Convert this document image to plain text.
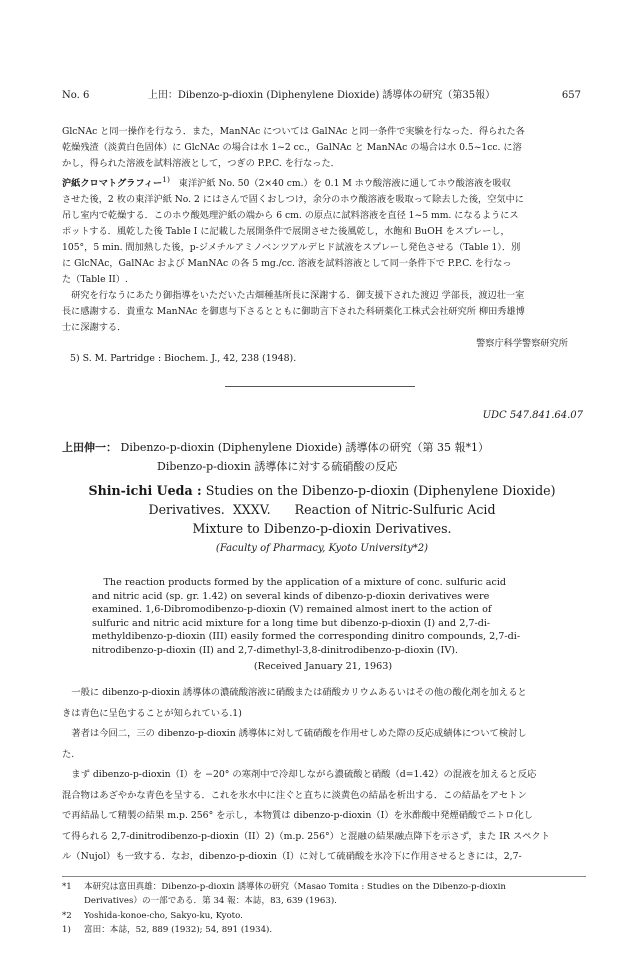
No. 6	上田：Dibenzo-p-dioxin (Diphenylene Dioxide) 誘導体の研究（第35報）	657

GlcNAc と同一操作を行なう．また，ManNAc については GalNAc と同一条件で実験を行なった．得られた各

乾燥残渣（淡黄白色固体）に GlcNAc の場合は水 1~2 cc.，GalNAc と ManNAc の場合は水 0.5~1cc. に溶

かし，得られた溶液を試料溶液として，つぎの P.P.C. を行なった．

沪紙クロマトグラフィー$^{1)}$ 東洋沪紙 No. 50（2×40 cm.）を 0.1 M ホウ酸溶液に通してホウ酸溶液を吸収

させた後，2 枚の東洋沪紙 No. 2 にはさんで固くおしつけ，余分のホウ酸溶液を吸取って除去した後，空気中に

吊し室内で乾燥する．このホウ酸処理沪紙の端から 6 cm. の原点に試料溶液を直径 1~5 mm. になるようにス

ポットする．風乾した後 Table I に記載した展開条件で展開させた後風乾し，水飽和 BuOH をスプレーし，

105°，5 min. 間加熱した後，p-ジメチルアミノベンツアルデヒド試液をスプレーし発色させる（Table 1）．別

に GlcNAc，GalNAc および ManNAc の各 5 mg./cc. 溶液を試料溶液として同一条件下で P.P.C. を行なっ

た（Table II）.

研究を行なうにあたり御指導をいただいた古畑種基所長に深謝する．御支援下された渡辺 学部長，渡辺壮一室

長に感謝する．貴重な ManNAc を御恵与下さるとともに御助言下された科研薬化工株式会社研究所 柳田秀雄博

士に深謝する．

警察庁科学警察研究所

5) S. M. Partridge : Biochem. J., 42, 238 (1948).

UDC 547.841.64.07
上田伸一： Dibenzo-p-dioxin (Diphenylene Dioxide) 誘導体の研究（第 35 報*1）
Dibenzo-p-dioxin 誘導体に対する硫硝酸の反応
Shin-ichi Ueda : Studies on the Dibenzo-p-dioxin (Diphenylene Dioxide)
Derivatives.  XXXV.      Reaction of Nitric-Sulfuric Acid
Mixture to Dibenzo-p-dioxin Derivatives.
(Faculty of Pharmacy, Kyoto University*2)
The reaction products formed by the application of a mixture of conc. sulfuric acid
and nitric acid (sp. gr. 1.42) on several kinds of dibenzo-p-dioxin derivatives were
examined. 1,6-Dibromodibenzo-p-dioxin (V) remained almost inert to the action of
sulfuric and nitric acid mixture for a long time but dibenzo-p-dioxin (I) and 2,7-di-
methyldibenzo-p-dioxin (III) easily formed the corresponding dinitro compounds, 2,7-di-
nitrodibenzo-p-dioxin (II) and 2,7-dimethyl-3,8-dinitrodibenzo-p-dioxin (IV).
(Received January 21, 1963)

一般に dibenzo-p-dioxin 誘導体の濃硫酸溶液に硝酸または硝酸カリウムあるいはその他の酸化剤を加えると

きは青色に呈色することが知られている.1)

著者は今回二，三の dibenzo-p-dioxin 誘導体に対して硫硝酸を作用せしめた際の反応成績体について検討し

た.

まず dibenzo-p-dioxin（I）を −20° の寒剤中で冷却しながら濃硫酸と硝酸（d=1.42）の混液を加えると反応

混合物はあざやかな青色を呈する．これを氷水中に注ぐと直ちに淡黄色の結晶を析出する．この結晶をアセトン

で再結晶して精製の結果 m.p. 256° を示し，本物質は dibenzo-p-dioxin（I）を氷酢酸中発煙硝酸でニトロ化し

て得られる 2,7-dinitrodibenzo-p-dioxin（II）2)（m.p. 256°）と混融の結果融点降下を示さず，また IR スペクト

ル（Nujol）も一致する．なお，dibenzo-p-dioxin（I）に対して硫硝酸を氷冷下に作用させるときには，2,7-

*1 本研究は富田真雄：Dibenzo-p-dioxin 誘導体の研究（Masao Tomita : Studies on the Dibenzo-p-dioxin

Derivatives）の一部である．第 34 報：本誌，83, 639 (1963).

*2 Yoshida-konoe-cho, Sakyo-ku, Kyoto.

1) 富田：本誌，52, 889 (1932); 54, 891 (1934).
